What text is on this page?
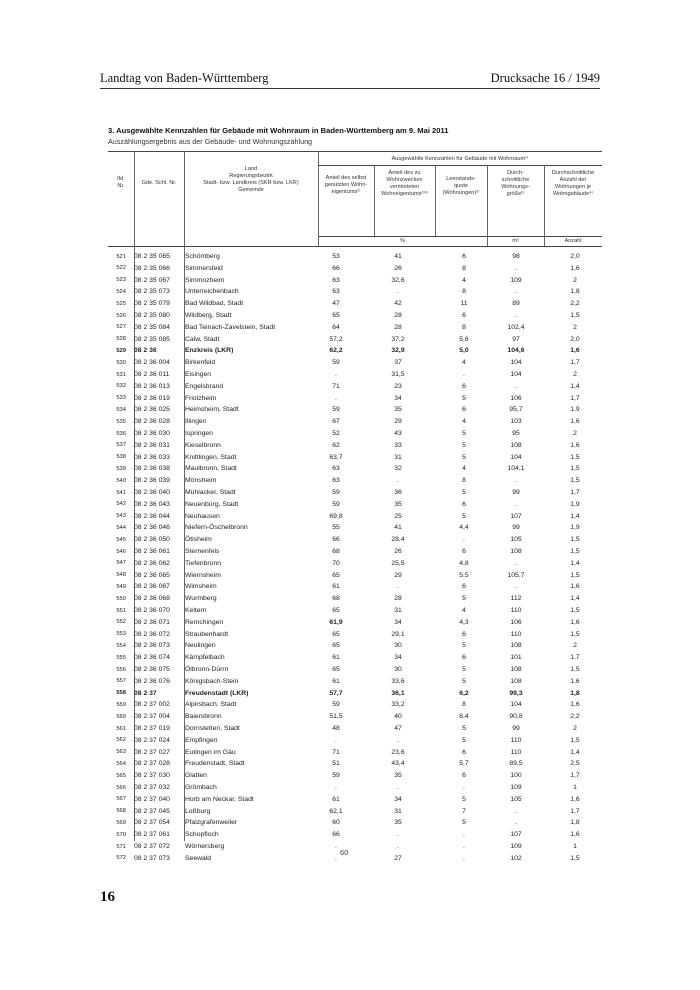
Landtag von Baden-Württemberg	Drucksache 16 / 1949
3. Ausgewählte Kennzahlen für Gebäude mit Wohnraum in Baden-Württemberg am 9. Mai 2011
Auszählungsergebnis aus der Gebäude- und Wohnungszählung
lfd.
Nr.	Gde. Schl. Nr.
Land
Regierungsbezirk
Stadt- bzw. Landkreis (SKR bzw. LKR)
Gemeinde
Ausgewählte Kennzahlen für Gebäude mit Wohnraum¹⁾
Anteil des selbst
genutzten Wohn-
eigentums²⁾
Anteil des zu
Wohnzwecken
vermieteten
Wohneigentums²⁾³⁾
Leerstands-
quote
(Wohnungen)²⁾
Durch-
schnittliche
Wohnungs-
größe²⁾
Durchschnittliche
Anzahl der
Wohnungen je
Wohngebäude⁴⁾
%	m²	Anzahl
521 08 2 35 065 Schömberg	53	41	6	98	2,0
522 08 2 35 066 Simmersfeld	66	26	8	.	1,6
523 08 2 35 067 Simmozheim	63	32,6	4	109	2
524 08 2 35 073 Unterreichenbach	63	.	8	.	1,8
525 08 2 35 079 Bad Wildbad, Stadt	47	42	11	89	2,2
526 08 2 35 080 Wildberg, Stadt	65	28	6	.	1,5
527 08 2 35 084 Bad Teinach-Zavelstein, Stadt	64	28	8	102,4	2
528 08 2 35 085 Calw, Stadt	57,2	37,2	5,6	97	2,0
529 08 2 36	Enzkreis (LKR)	62,2	32,9	5,0	104,6	1,6
530 08 2 36 004 Birkenfeld	59	37	4	104	1,7
531 08 2 36 011 Eisingen	.	31,5	.	104	2
532 08 2 36 013 Engelsbrand	71	23	6	.	1,4
533 08 2 36 019 Friolzheim	.	34	5	106	1,7
534 08 2 36 025 Heimsheim, Stadt	59	35	6	95,7	1,9
535 08 2 36 028 Illingen	67	29	4	103	1,6
536 08 2 36 030 Ispringen	52	43	5	95	2
537 08 2 36 031 Kieselbronn	62	33	5	108	1,6
538 08 2 36 033 Knittlingen, Stadt	63,7	31	5	104	1,5
539 08 2 36 038 Maulbronn, Stadt	63	32	4	104,1	1,5
540 08 2 36 039 Mönsheim	63	.	8	.	1,5
541 08 2 36 040 Mühlacker, Stadt	59	36	5	99	1,7
542 08 2 36 043 Neuenbürg, Stadt	59	35	6	.	1,9
543 08 2 36 044 Neuhausen	69,8	25	5	107	1,4
544 08 2 36 046 Niefern-Öschelbronn	55	41	4,4	99	1,9
545 08 2 36 050 Ötisheim	66	28,4	.	105	1,5
546 08 2 36 061 Sternenfels	68	26	6	108	1,5
547 08 2 36 062 Tiefenbronn	70	25,5	4,8	.	1,4
548 08 2 36 065 Wiernsheim	65	29	5,5	105,7	1,5
549 08 2 36 067 Wimsheim	61	.	6	.	1,6
550 08 2 36 068 Wurmberg	68	28	5	112	1,4
551 08 2 36 070 Keltern	65	31	4	110	1,5
552 08 2 36 071 Remchingen	61,9	34	4,3	106	1,6
553 08 2 36 072 Straubenhardt	65	29,1	6	110	1,5
554 08 2 36 073 Neulingen	65	30	5	108	2
555 08 2 36 074 Kämpfelbach	61	34	6	101	1,7
556 08 2 36 075 Ölbronn-Dürrn	65	30	5	108	1,5
557 08 2 36 076 Königsbach-Stein	61	33,6	5	108	1,6
558 08 2 37	Freudenstadt (LKR)	57,7	36,1	6,2	99,3	1,8
559 08 2 37 002 Alpirsbach, Stadt	59	33,2	8	104	1,6
560 08 2 37 004 Baiersbronn	51,5	40	8,4	90,8	2,2
561 08 2 37 019 Dornstetten, Stadt	48	47	5	99	2
562 08 2 37 024 Empfingen	.	.	5	110	1,5
563 08 2 37 027 Eutingen im Gäu	71	23,6	6	110	1,4
564 08 2 37 028 Freudenstadt, Stadt	51	43,4	5,7	89,5	2,5
565 08 2 37 030 Glatten	59	35	6	100	1,7
566 08 2 37 032 Grömbach	.	.	.	109	1
567 08 2 37 040 Horb am Neckar, Stadt	61	34	5	105	1,6
568 08 2 37 045 Loßburg	62,1	31	7	.	1,7
569 08 2 37 054 Pfalzgrafenweiler	60	35	5	.	1,8
570 08 2 37 061 Schopfloch	66	.	.	107	1,6
571 08 2 37 072 Wörnersberg	.	.	.	109	1
572 08 2 37 073 Seewald	.	27	.	102	1,5
60
16
